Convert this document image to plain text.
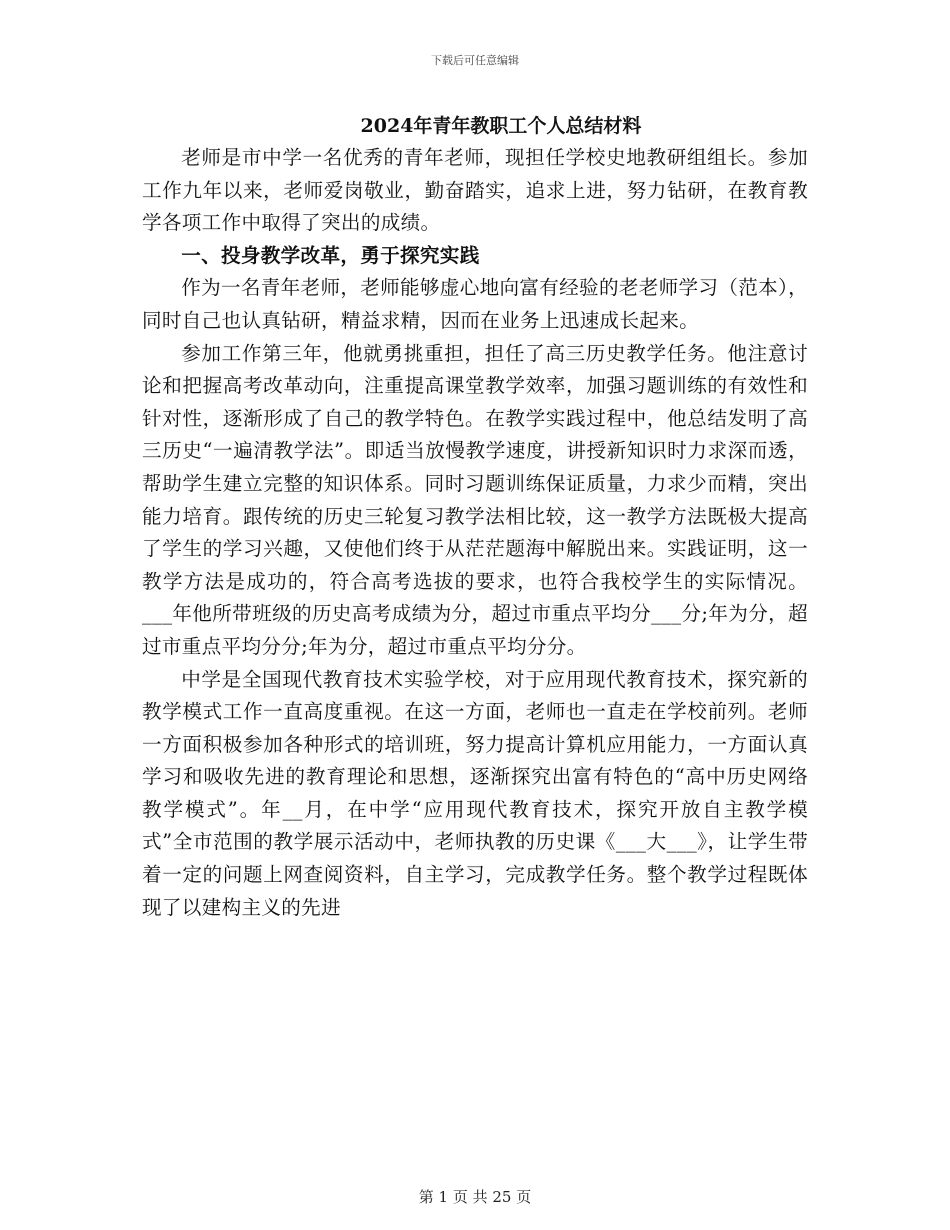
下载后可任意编辑
2024年青年教职工个人总结材料

老师是市中学一名优秀的青年老师，现担任学校史地教研组组长。参加工作九年以来，老师爱岗敬业，勤奋踏实，追求上进，努力钻研，在教育教学各项工作中取得了突出的成绩。

一、投身教学改革，勇于探究实践

作为一名青年老师，老师能够虚心地向富有经验的老老师学习（范本），同时自己也认真钻研，精益求精，因而在业务上迅速成长起来。

参加工作第三年，他就勇挑重担，担任了高三历史教学任务。他注意讨论和把握高考改革动向，注重提高课堂教学效率，加强习题训练的有效性和针对性，逐渐形成了自己的教学特色。在教学实践过程中，他总结发明了高三历史“一遍清教学法”。即适当放慢教学速度，讲授新知识时力求深而透，帮助学生建立完整的知识体系。同时习题训练保证质量，力求少而精，突出能力培育。跟传统的历史三轮复习教学法相比较，这一教学方法既极大提高了学生的学习兴趣，又使他们终于从茫茫题海中解脱出来。实践证明，这一教学方法是成功的，符合高考选拔的要求，也符合我校学生的实际情况。___年他所带班级的历史高考成绩为分，超过市重点平均分___分;年为分，超过市重点平均分分;年为分，超过市重点平均分分。

中学是全国现代教育技术实验学校，对于应用现代教育技术，探究新的教学模式工作一直高度重视。在这一方面，老师也一直走在学校前列。老师一方面积极参加各种形式的培训班，努力提高计算机应用能力，一方面认真学习和吸收先进的教育理论和思想，逐渐探究出富有特色的“高中历史网络教学模式”。年__月，在中学“应用现代教育技术，探究开放自主教学模式”全市范围的教学展示活动中，老师执教的历史课《___大___》，让学生带着一定的问题上网查阅资料，自主学习，完成教学任务。整个教学过程既体现了以建构主义的先进

第 1 页 共 25 页
